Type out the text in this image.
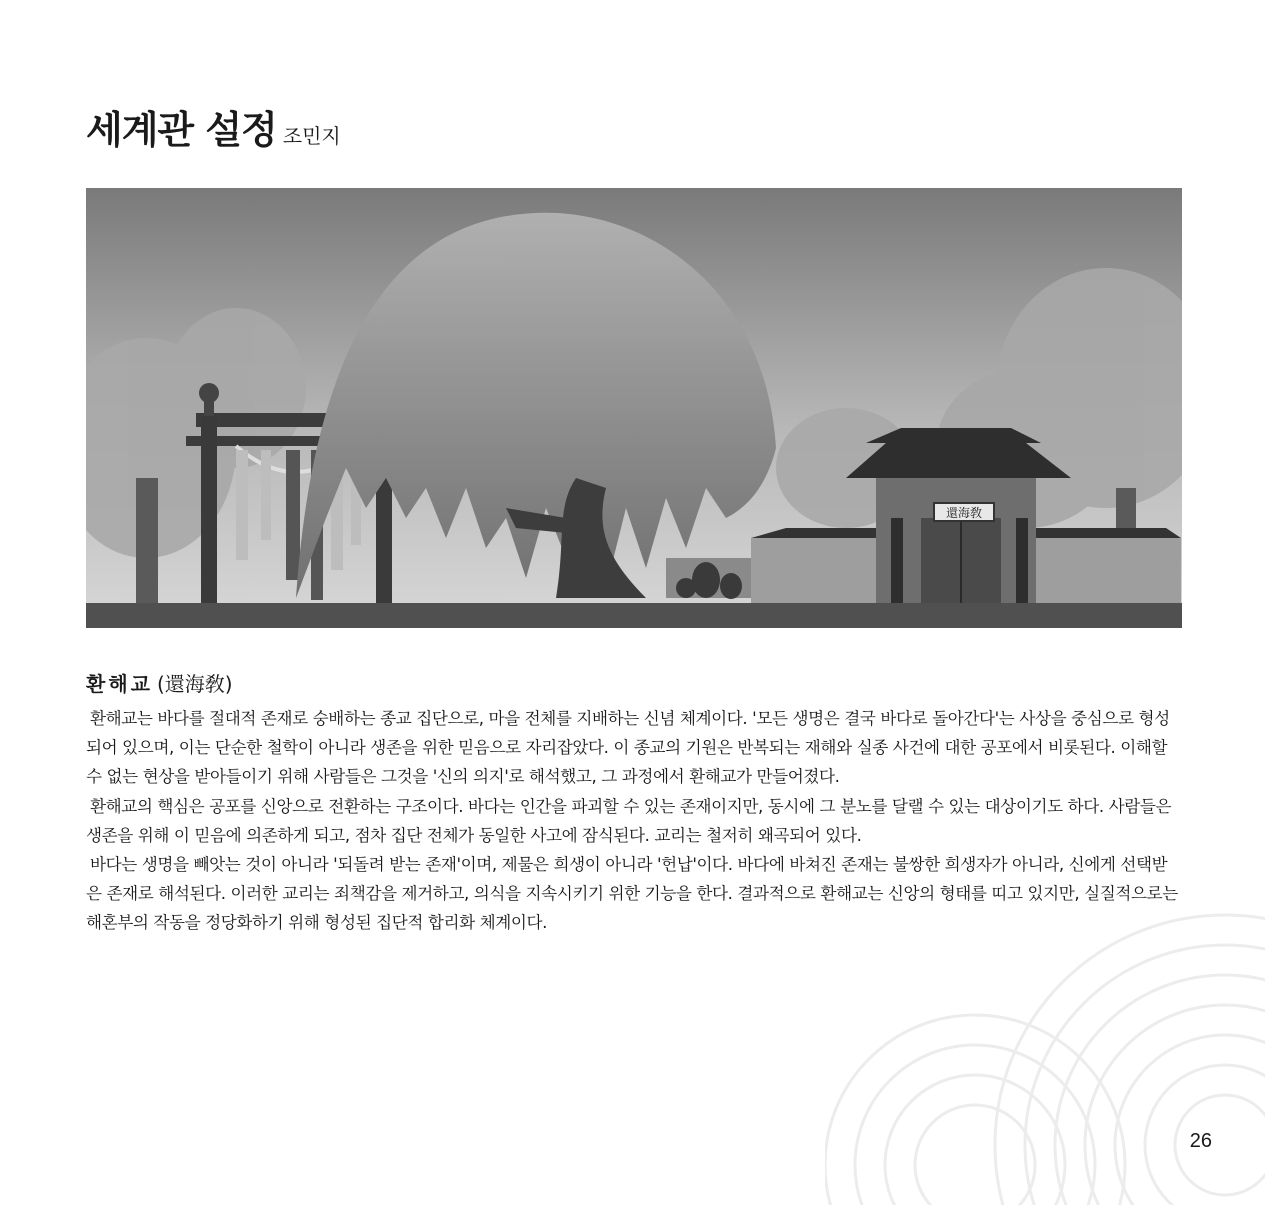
세계관 설정 조민지
還海敎
환해교 (還海敎)

환해교는 바다를 절대적 존재로 숭배하는 종교 집단으로, 마을 전체를 지배하는 신념 체계이다. '모든 생명은 결국 바다로 돌아간다'는 사상을 중심으로 형성되어 있으며, 이는 단순한 철학이 아니라 생존을 위한 믿음으로 자리잡았다. 이 종교의 기원은 반복되는 재해와 실종 사건에 대한 공포에서 비롯된다. 이해할 수 없는 현상을 받아들이기 위해 사람들은 그것을 '신의 의지'로 해석했고, 그 과정에서 환해교가 만들어졌다.

환해교의 핵심은 공포를 신앙으로 전환하는 구조이다. 바다는 인간을 파괴할 수 있는 존재이지만, 동시에 그 분노를 달랠 수 있는 대상이기도 하다. 사람들은 생존을 위해 이 믿음에 의존하게 되고, 점차 집단 전체가 동일한 사고에 잠식된다. 교리는 철저히 왜곡되어 있다.

바다는 생명을 빼앗는 것이 아니라 '되돌려 받는 존재'이며, 제물은 희생이 아니라 '헌납'이다. 바다에 바쳐진 존재는 불쌍한 희생자가 아니라, 신에게 선택받은 존재로 해석된다. 이러한 교리는 죄책감을 제거하고, 의식을 지속시키기 위한 기능을 한다. 결과적으로 환해교는 신앙의 형태를 띠고 있지만, 실질적으로는 해혼부의 작동을 정당화하기 위해 형성된 집단적 합리화 체계이다.

26
